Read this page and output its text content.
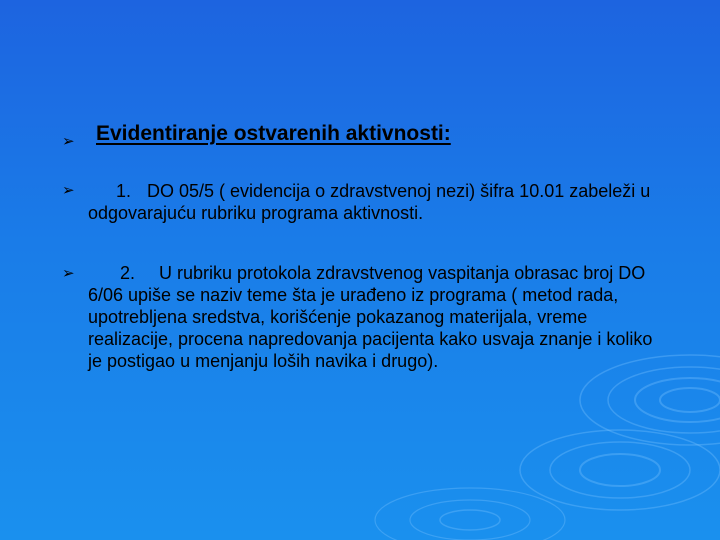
➢ Evidentiranje ostvarenih aktivnosti:
➢	1. DO 05/5 ( evidencija o zdravstvenoj nezi) šifra 10.01 zabeleži u odgovarajuću rubriku programa aktivnosti.

➢	2. U rubriku protokola zdravstvenog vaspitanja obrasac broj DO 6/06 upiše se naziv teme šta je urađeno iz programa ( metod rada, upotrebljena sredstva, korišćenje pokazanog materijala, vreme realizacije, procena napredovanja pacijenta kako usvaja znanje i koliko je postigao u menjanju loših navika i drugo).
